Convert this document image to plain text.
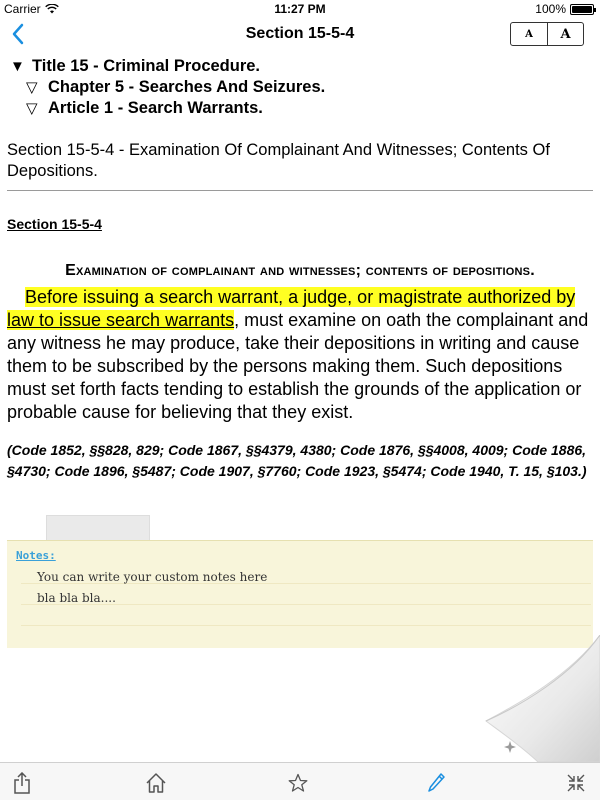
Carrier	11:27 PM	100%
Section 15-5-4	A A
▼ Title 15 - Criminal Procedure.
▽ Chapter 5 - Searches And Seizures.
▽ Article 1 - Search Warrants.
Section 15-5-4 - Examination Of Complainant And Witnesses; Contents Of Depositions.
Section 15-5-4
Examination of complainant and witnesses; contents of depositions.
Before issuing a search warrant, a judge, or magistrate authorized by law to issue search warrants, must examine on oath the complainant and any witness he may produce, take their depositions in writing and cause them to be subscribed by the persons making them. Such depositions must set forth facts tending to establish the grounds of the application or probable cause for believing that they exist.
(Code 1852, §§828, 829; Code 1867, §§4379, 4380; Code 1876, §§4008, 4009; Code 1886, §4730; Code 1896, §5487; Code 1907, §7760; Code 1923, §5474; Code 1940, T. 15, §103.)
Notes:
You can write your custom notes here
bla bla bla....
